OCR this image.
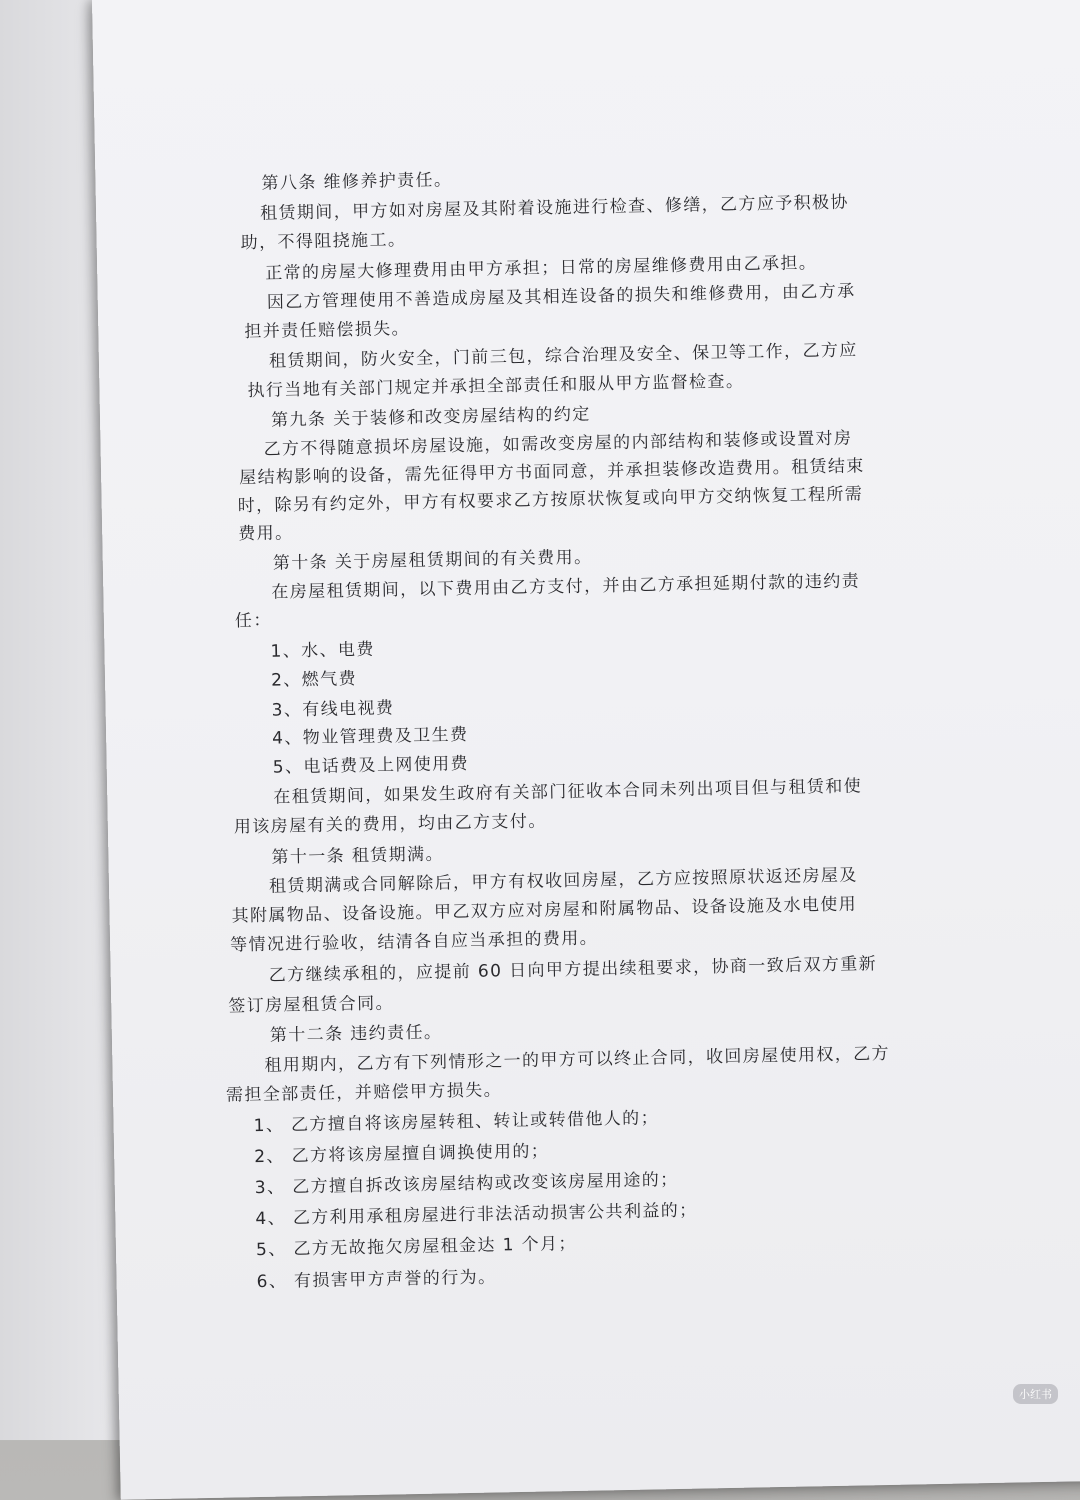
第八条 维修养护责任。
租赁期间，甲方如对房屋及其附着设施进行检查、修缮，乙方应予积极协
助，不得阻挠施工。
正常的房屋大修理费用由甲方承担；日常的房屋维修费用由乙承担。
因乙方管理使用不善造成房屋及其相连设备的损失和维修费用，由乙方承
担并责任赔偿损失。
租赁期间，防火安全，门前三包，综合治理及安全、保卫等工作，乙方应
执行当地有关部门规定并承担全部责任和服从甲方监督检查。
第九条 关于装修和改变房屋结构的约定
乙方不得随意损坏房屋设施，如需改变房屋的内部结构和装修或设置对房
屋结构影响的设备，需先征得甲方书面同意，并承担装修改造费用。租赁结束
时，除另有约定外，甲方有权要求乙方按原状恢复或向甲方交纳恢复工程所需
费用。
第十条 关于房屋租赁期间的有关费用。
在房屋租赁期间，以下费用由乙方支付，并由乙方承担延期付款的违约责
任：
1、水、电费
2、燃气费
3、有线电视费
4、物业管理费及卫生费
5、电话费及上网使用费
在租赁期间，如果发生政府有关部门征收本合同未列出项目但与租赁和使
用该房屋有关的费用，均由乙方支付。
第十一条 租赁期满。
租赁期满或合同解除后，甲方有权收回房屋，乙方应按照原状返还房屋及
其附属物品、设备设施。甲乙双方应对房屋和附属物品、设备设施及水电使用
等情况进行验收，结清各自应当承担的费用。
乙方继续承租的，应提前 60 日向甲方提出续租要求，协商一致后双方重新
签订房屋租赁合同。
第十二条 违约责任。
租用期内，乙方有下列情形之一的甲方可以终止合同，收回房屋使用权，乙方
需担全部责任，并赔偿甲方损失。
1、 乙方擅自将该房屋转租、转让或转借他人的；
2、 乙方将该房屋擅自调换使用的；
3、 乙方擅自拆改该房屋结构或改变该房屋用途的；
4、 乙方利用承租房屋进行非法活动损害公共利益的；
5、 乙方无故拖欠房屋租金达 1 个月；
6、 有损害甲方声誉的行为。
小红书
